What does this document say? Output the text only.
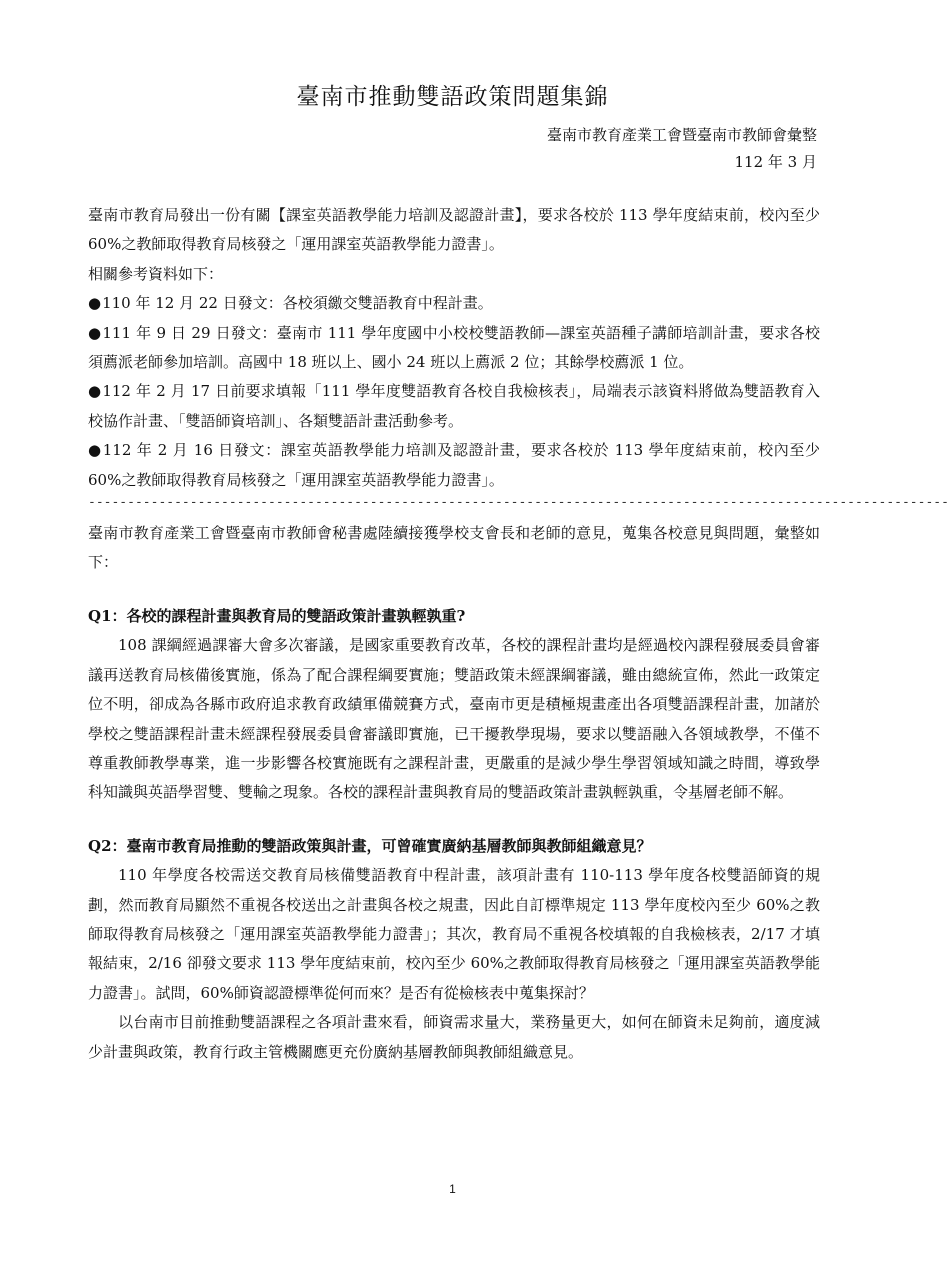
臺南市推動雙語政策問題集錦
臺南市教育產業工會暨臺南市教師會彙整
112 年 3 月

臺南市教育局發出一份有關【課室英語教學能力培訓及認證計畫】，要求各校於 113 學年度結束前，校內至少 60%之教師取得教育局核發之「運用課室英語教學能力證書」。

相關參考資料如下：

●110 年 12 月 22 日發文：各校須繳交雙語教育中程計畫。

●111 年 9 日 29 日發文：臺南市 111 學年度國中小校校雙語教師—課室英語種子講師培訓計畫，要求各校須薦派老師參加培訓。高國中 18 班以上、國小 24 班以上薦派 2 位；其餘學校薦派 1 位。

●112 年 2 月 17 日前要求填報「111 學年度雙語教育各校自我檢核表」，局端表示該資料將做為雙語教育入校協作計畫、「雙語師資培訓」、各類雙語計畫活動參考。

●112 年 2 月 16 日發文：課室英語教學能力培訓及認證計畫，要求各校於 113 學年度結束前，校內至少 60%之教師取得教育局核發之「運用課室英語教學能力證書」。

--------------------------------------------------------------------------------------------------------------

臺南市教育產業工會暨臺南市教師會秘書處陸續接獲學校支會長和老師的意見，蒐集各校意見與問題，彙整如下：

Q1：各校的課程計畫與教育局的雙語政策計畫孰輕孰重?

108 課綱經過課審大會多次審議，是國家重要教育改革，各校的課程計畫均是經過校內課程發展委員會審議再送教育局核備後實施，係為了配合課程綱要實施；雙語政策未經課綱審議，雖由總統宣佈，然此一政策定位不明，卻成為各縣市政府追求教育政績軍備競賽方式，臺南市更是積極規畫產出各項雙語課程計畫，加諸於學校之雙語課程計畫未經課程發展委員會審議即實施，已干擾教學現場，要求以雙語融入各領域教學，不僅不尊重教師教學專業，進一步影響各校實施既有之課程計畫，更嚴重的是減少學生學習領域知識之時間，導致學科知識與英語學習雙、雙輸之現象。各校的課程計畫與教育局的雙語政策計畫孰輕孰重，令基層老師不解。

Q2：臺南市教育局推動的雙語政策與計畫，可曾確實廣納基層教師與教師組織意見？

110 年學度各校需送交教育局核備雙語教育中程計畫，該項計畫有 110-113 學年度各校雙語師資的規劃，然而教育局顯然不重視各校送出之計畫與各校之規畫，因此自訂標準規定 113 學年度校內至少 60%之教師取得教育局核發之「運用課室英語教學能力證書」；其次，教育局不重視各校填報的自我檢核表，2/17 才填報結束，2/16 卻發文要求 113 學年度結束前，校內至少 60%之教師取得教育局核發之「運用課室英語教學能力證書」。試問，60%師資認證標準從何而來？是否有從檢核表中蒐集探討？

以台南市目前推動雙語課程之各項計畫來看，師資需求量大，業務量更大，如何在師資未足夠前，適度減少計畫與政策，教育行政主管機關應更充份廣納基層教師與教師組織意見。

1
